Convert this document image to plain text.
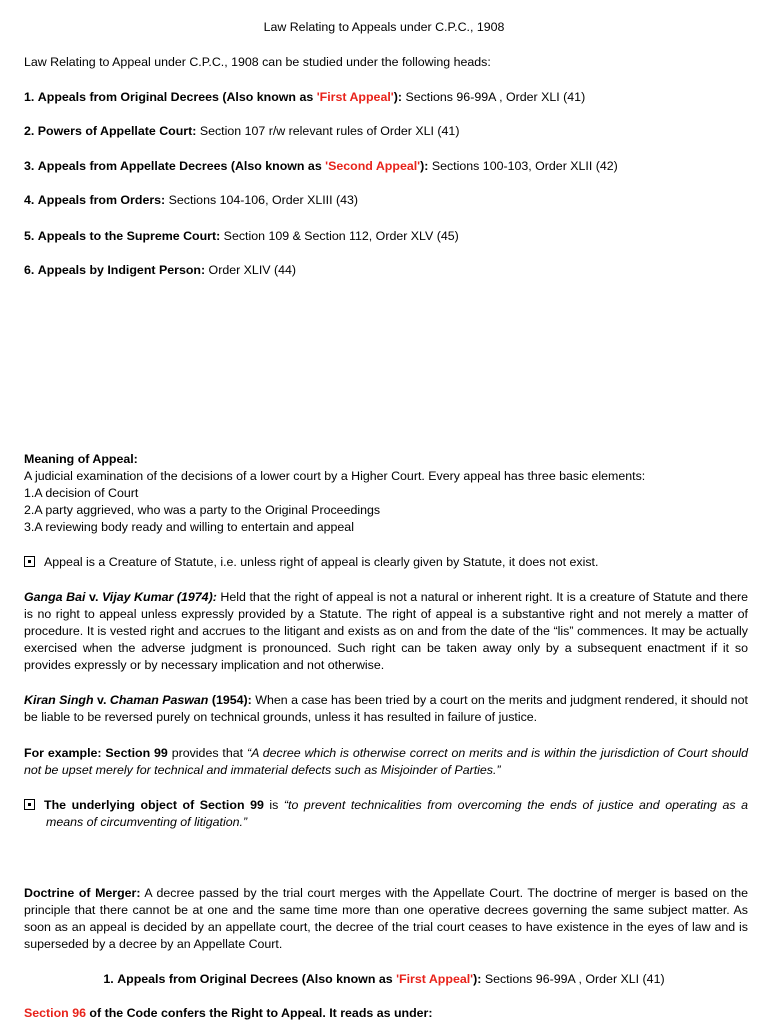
Law Relating to Appeals under C.P.C., 1908
Law Relating to Appeal under C.P.C., 1908 can be studied under the following heads:
1. Appeals from Original Decrees (Also known as 'First Appeal'): Sections 96-99A , Order XLI (41)
2. Powers of Appellate Court: Section 107 r/w relevant rules of Order XLI (41)
3. Appeals from Appellate Decrees (Also known as 'Second Appeal'): Sections 100-103, Order XLII (42)
4. Appeals from Orders: Sections 104-106, Order XLIII (43)
5. Appeals to the Supreme Court: Section 109 & Section 112, Order XLV (45)
6. Appeals by Indigent Person: Order XLIV (44)
Meaning of Appeal:
A judicial examination of the decisions of a lower court by a Higher Court. Every appeal has three basic elements:
1.A decision of Court
2.A party aggrieved, who was a party to the Original Proceedings
3.A reviewing body ready and willing to entertain and appeal
Appeal is a Creature of Statute, i.e. unless right of appeal is clearly given by Statute, it does not exist.
Ganga Bai v. Vijay Kumar (1974): Held that the right of appeal is not a natural or inherent right. It is a creature of Statute and there is no right to appeal unless expressly provided by a Statute. The right of appeal is a substantive right and not merely a matter of procedure. It is vested right and accrues to the litigant and exists as on and from the date of the “lis” commences. It may be actually exercised when the adverse judgment is pronounced. Such right can be taken away only by a subsequent enactment if it so provides expressly or by necessary implication and not otherwise.
Kiran Singh v. Chaman Paswan (1954): When a case has been tried by a court on the merits and judgment rendered, it should not be liable to be reversed purely on technical grounds, unless it has resulted in failure of justice.
For example: Section 99 provides that “A decree which is otherwise correct on merits and is within the jurisdiction of Court should not be upset merely for technical and immaterial defects such as Misjoinder of Parties.”
The underlying object of Section 99 is “to prevent technicalities from overcoming the ends of justice and operating as a means of circumventing of litigation.”
Doctrine of Merger: A decree passed by the trial court merges with the Appellate Court. The doctrine of merger is based on the principle that there cannot be at one and the same time more than one operative decrees governing the same subject matter. As soon as an appeal is decided by an appellate court, the decree of the trial court ceases to have existence in the eyes of law and is superseded by a decree by an Appellate Court.
1. Appeals from Original Decrees (Also known as 'First Appeal'): Sections 96-99A , Order XLI (41)
Section 96 of the Code confers the Right to Appeal. It reads as under:
